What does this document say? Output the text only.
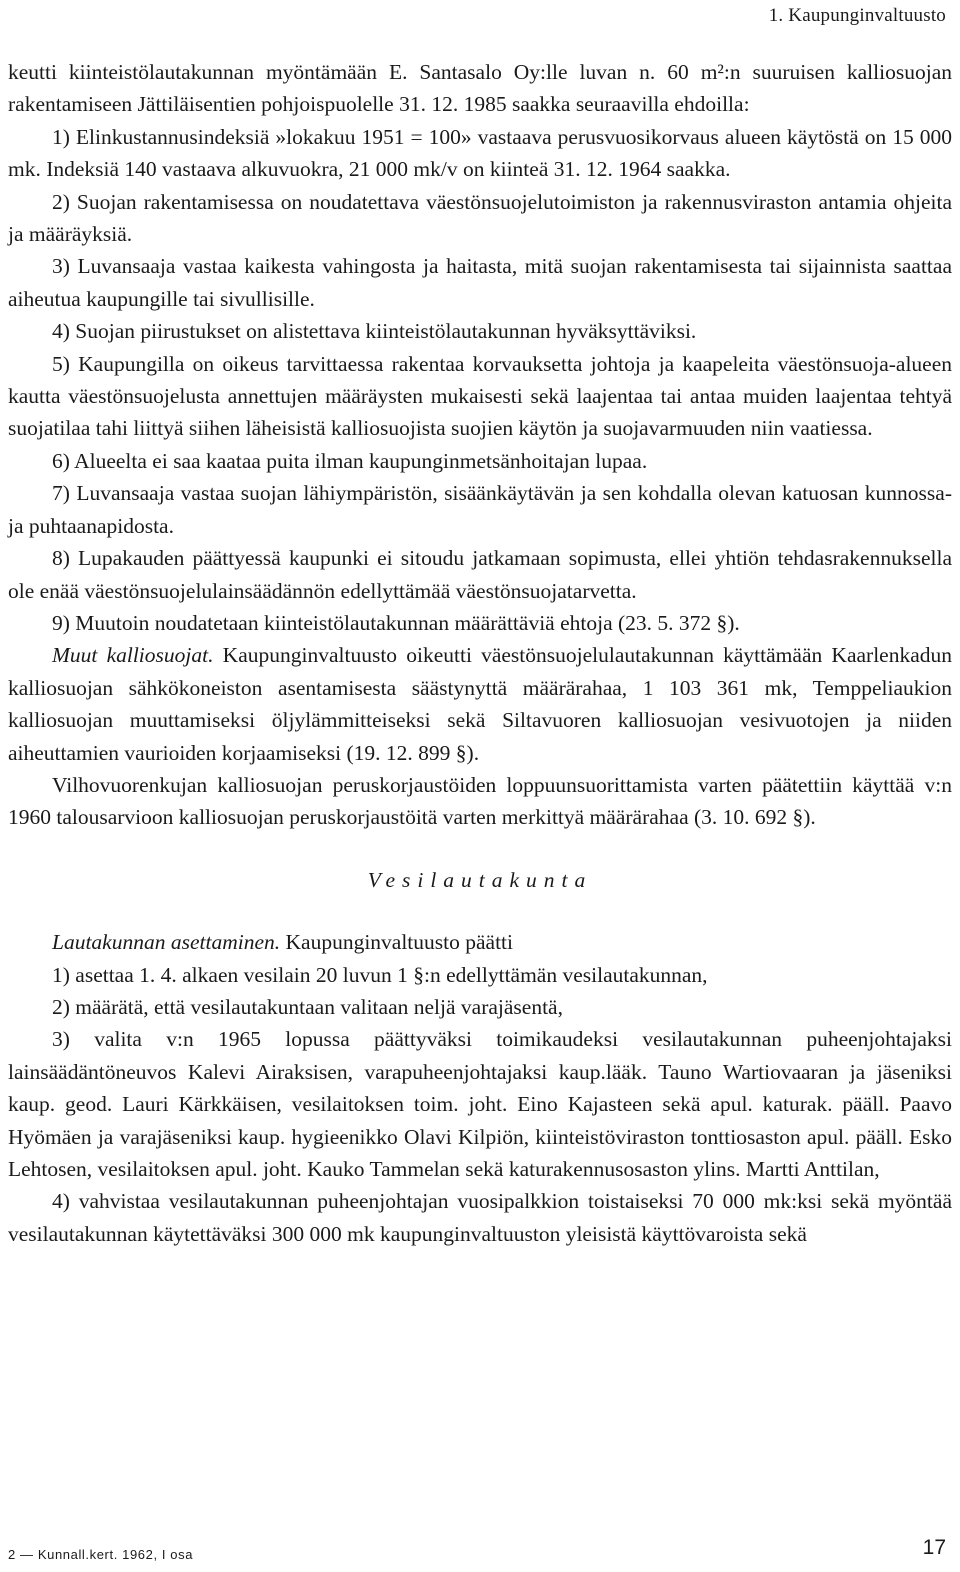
1. Kaupunginvaltuusto

keutti kiinteistölautakunnan myöntämään E. Santasalo Oy:lle luvan n. 60 m²:n suuruisen kalliosuojan rakentamiseen Jättiläisentien pohjoispuolelle 31. 12. 1985 saakka seuraavilla ehdoilla:

1) Elinkustannusindeksiä »lokakuu 1951 = 100» vastaava perusvuosikorvaus alueen käytöstä on 15 000 mk. Indeksiä 140 vastaava alkuvuokra, 21 000 mk/v on kiinteä 31. 12. 1964 saakka.

2) Suojan rakentamisessa on noudatettava väestönsuojelutoimiston ja rakennusviraston antamia ohjeita ja määräyksiä.

3) Luvansaaja vastaa kaikesta vahingosta ja haitasta, mitä suojan rakentamisesta tai sijainnista saattaa aiheutua kaupungille tai sivullisille.

4) Suojan piirustukset on alistettava kiinteistölautakunnan hyväksyttäviksi.

5) Kaupungilla on oikeus tarvittaessa rakentaa korvauksetta johtoja ja kaapeleita väestönsuoja-alueen kautta väestönsuojelusta annettujen määräysten mukaisesti sekä laajentaa tai antaa muiden laajentaa tehtyä suojatilaa tahi liittyä siihen läheisistä kalliosuojista suojien käytön ja suojavarmuuden niin vaatiessa.

6) Alueelta ei saa kaataa puita ilman kaupunginmetsänhoitajan lupaa.

7) Luvansaaja vastaa suojan lähiympäristön, sisäänkäytävän ja sen kohdalla olevan katuosan kunnossa- ja puhtaanapidosta.

8) Lupakauden päättyessä kaupunki ei sitoudu jatkamaan sopimusta, ellei yhtiön tehdasrakennuksella ole enää väestönsuojelulainsäädännön edellyttämää väestönsuojatarvetta.

9) Muutoin noudatetaan kiinteistölautakunnan määrättäviä ehtoja (23. 5. 372 §).

Muut kalliosuojat. Kaupunginvaltuusto oikeutti väestönsuojelulautakunnan käyttämään Kaarlenkadun kalliosuojan sähkökoneiston asentamisesta säästynyttä määrärahaa, 1 103 361 mk, Temppeliaukion kalliosuojan muuttamiseksi öljylämmitteiseksi sekä Siltavuoren kalliosuojan vesivuotojen ja niiden aiheuttamien vaurioiden korjaamiseksi (19. 12. 899 §).

Vilhovuorenkujan kalliosuojan peruskorjaustöiden loppuunsuorittamista varten päätettiin käyttää v:n 1960 talousarvioon kalliosuojan peruskorjaustöitä varten merkittyä määrärahaa (3. 10. 692 §).

Vesilautakunta

Lautakunnan asettaminen. Kaupunginvaltuusto päätti

1) asettaa 1. 4. alkaen vesilain 20 luvun 1 §:n edellyttämän vesilautakunnan,

2) määrätä, että vesilautakuntaan valitaan neljä varajäsentä,

3) valita v:n 1965 lopussa päättyväksi toimikaudeksi vesilautakunnan puheenjohtajaksi lainsäädäntöneuvos Kalevi Airaksisen, varapuheenjohtajaksi kaup.lääk. Tauno Wartiovaaran ja jäseniksi kaup. geod. Lauri Kärkkäisen, vesilaitoksen toim. joht. Eino Kajasteen sekä apul. katurak. pääll. Paavo Hyömäen ja varajäseniksi kaup. hygieenikko Olavi Kilpiön, kiinteistöviraston tonttiosaston apul. pääll. Esko Lehtosen, vesilaitoksen apul. joht. Kauko Tammelan sekä katurakennusosaston ylins. Martti Anttilan,

4) vahvistaa vesilautakunnan puheenjohtajan vuosipalkkion toistaiseksi 70 000 mk:ksi sekä myöntää vesilautakunnan käytettäväksi 300 000 mk kaupunginvaltuuston yleisistä käyttövaroista sekä

2 — Kunnall.kert. 1962, I osa	17
